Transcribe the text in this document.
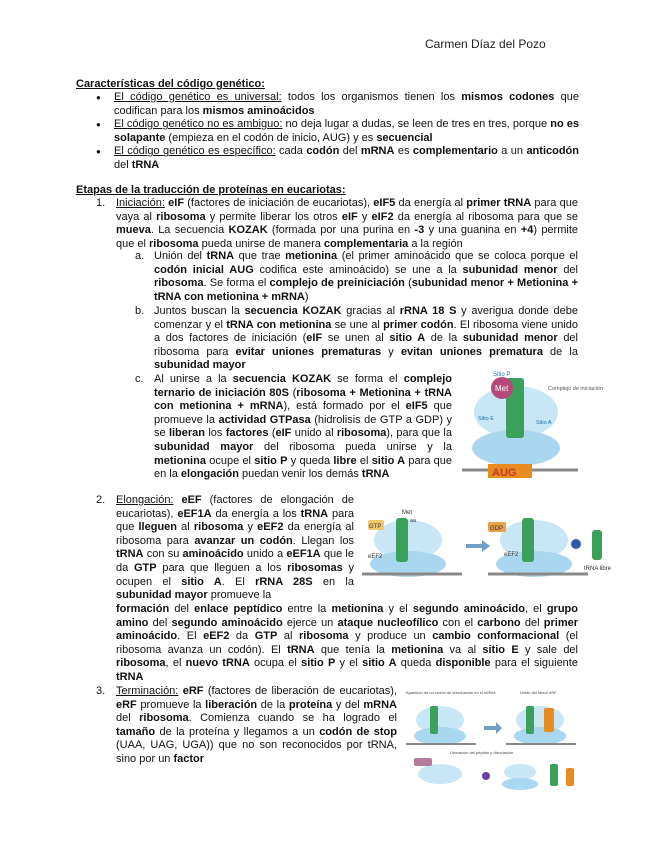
Carmen Díaz del Pozo
Características del código genético:
● El código genético es universal: todos los organismos tienen los mismos codones que codifican para los mismos aminoácidos
● El código genético no es ambiguo: no deja lugar a dudas, se leen de tres en tres, porque no es solapante (empieza en el codón de inicio, AUG) y es secuencial
● El código genético es específico: cada codón del mRNA es complementario a un anticodón del tRNA
Etapas de la traducción de proteínas en eucariotas:
1. Iniciación: eIF (factores de iniciación de eucariotas), eIF5 da energía al primer tRNA para que vaya al ribosoma y permite liberar los otros eIF y eIF2 da energía al ribosoma para que se mueva. La secuencia KOZAK (formada por una purina en -3 y una guanina en +4) permite que el ribosoma pueda unirse de manera complementaria a la región
a. Unión del tRNA que trae metionina (el primer aminoácido que se coloca porque el codón inicial AUG codifica este aminoácido) se une a la subunidad menor del ribosoma. Se forma el complejo de preiniciación (subunidad menor + Metionina + tRNA con metionina + mRNA)
b. Juntos buscan la secuencia KOZAK gracias al rRNA 18 S y averigua donde debe comenzar y el tRNA con metionina se une al primer codón. El ribosoma viene unido a dos factores de iniciación (eIF se unen al sitio A de la subunidad menor del ribosoma para evitar uniones prematuras y evitan uniones prematura de la subunidad mayor
c. Al unirse a la secuencia KOZAK se forma el complejo ternario de iniciación 80S (ribosoma + Metionina + tRNA con metionina + mRNA), está formado por el eIF5 que promueve la actividad GTPasa (hidrolisis de GTP a GDP) y se liberan los factores (eIF unido al ribosoma), para que la subunidad mayor del ribosoma pueda unirse y la metionina ocupe el sitio P y queda libre el sitio A para que en la elongación puedan venir los demás tRNA
2. Elongación: eEF (factores de elongación de eucariotas), eEF1A da energía a los tRNA para que lleguen al ribosoma y eEF2 da energía al ribosoma para avanzar un codón. Llegan los tRNA con su aminoácido unido a eEF1A que le da GTP para que lleguen a los ribosomas y ocupen el sitio A. El rRNA 28S en la subunidad mayor promueve la
formación del enlace peptídico entre la metionina y el segundo aminoácido, el grupo amino del segundo aminoácido ejerce un ataque nucleofílico con el carbono del primer aminoácido. El eEF2 da GTP al ribosoma y produce un cambio conformacional (el ribosoma avanza un codón). El tRNA que tenía la metionina va al sitio E y sale del ribosoma, el nuevo tRNA ocupa el sitio P y el sitio A queda disponible para el siguiente tRNA
3. Terminación: eRF (factores de liberación de eucariotas), eRF promueve la liberación de la proteína y del mRNA del ribosoma. Comienza cuando se ha logrado el tamaño de la proteína y llegamos a un codón de stop (UAA, UAG, UGA)) que no son reconocidos por tRNA, sino por un factor
Sitio P
Met	Complejo de iniciación
Sitio E
Sitio A
AUG
GTP
Met
aa
eEF2
GDP
eEF2
tRNA libre
Aparición de un codón de terminación en el mRNA	Unión del factor eRF
Liberación del péptido y disociación
